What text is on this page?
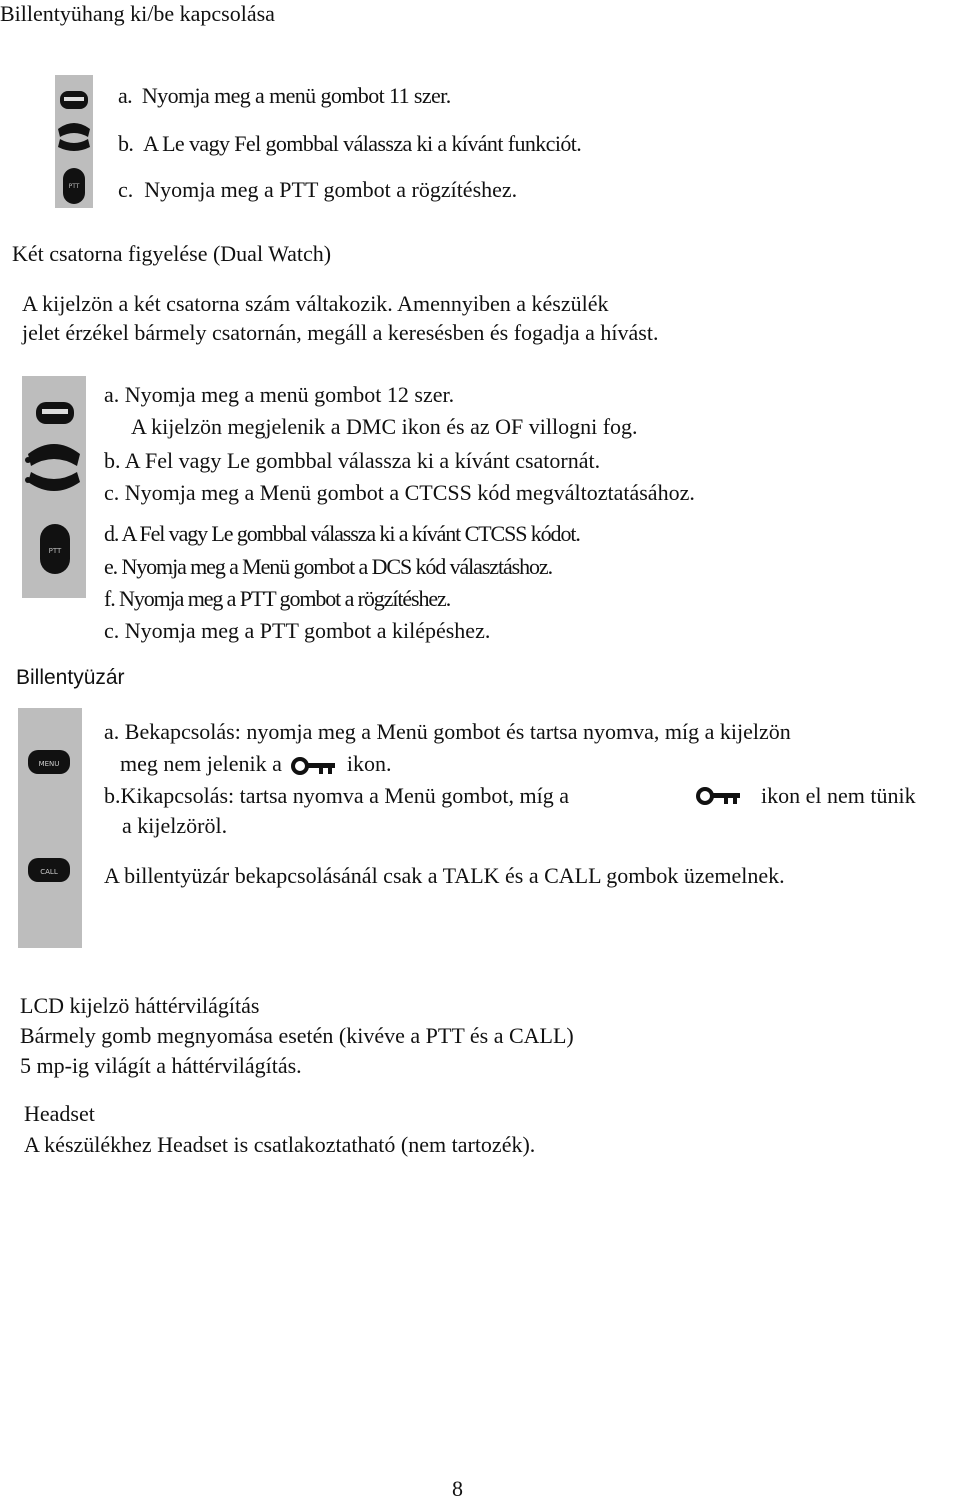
Billentyühang ki/be kapcsolása
PTT
a. Nyomja meg a menü gombot 11 szer.
b. A Le vagy Fel gombbal válassza ki a kívánt funkciót.
c. Nyomja meg a PTT gombot a rögzítéshez.
Két csatorna figyelése (Dual Watch)
A kijelzön a két csatorna szám váltakozik. Amennyiben a készülék
jelet érzékel bármely csatornán, megáll a keresésben és fogadja a hívást.
PTT
a. Nyomja meg a menü gombot 12 szer.
A kijelzön megjelenik a DMC ikon és az OF villogni fog.
b. A Fel vagy Le gombbal válassza ki a kívánt csatornát.
c. Nyomja meg a Menü gombot a CTCSS kód megváltoztatásához.
d. A Fel vagy Le gombbal válassza ki a kívánt CTCSS kódot.
e. Nyomja meg a Menü gombot a DCS kód választáshoz.
f. Nyomja meg a PTT gombot a rögzítéshez.
c. Nyomja meg a PTT gombot a kilépéshez.
Billentyüzár
MENU
CALL
a. Bekapcsolás: nyomja meg a Menü gombot és tartsa nyomva, míg a kijelzön
meg nem jelenik a	ikon.
b.Kikapcsolás: tartsa nyomva a Menü gombot, míg a	ikon el nem tünik
a kijelzöröl.
A billentyüzár bekapcsolásánál csak a TALK és a CALL gombok üzemelnek.
LCD kijelzö háttérvilágítás
Bármely gomb megnyomása esetén (kivéve a PTT és a CALL)
5 mp-ig világít a háttérvilágítás.
Headset
A készülékhez Headset is csatlakoztatható (nem tartozék).
8
